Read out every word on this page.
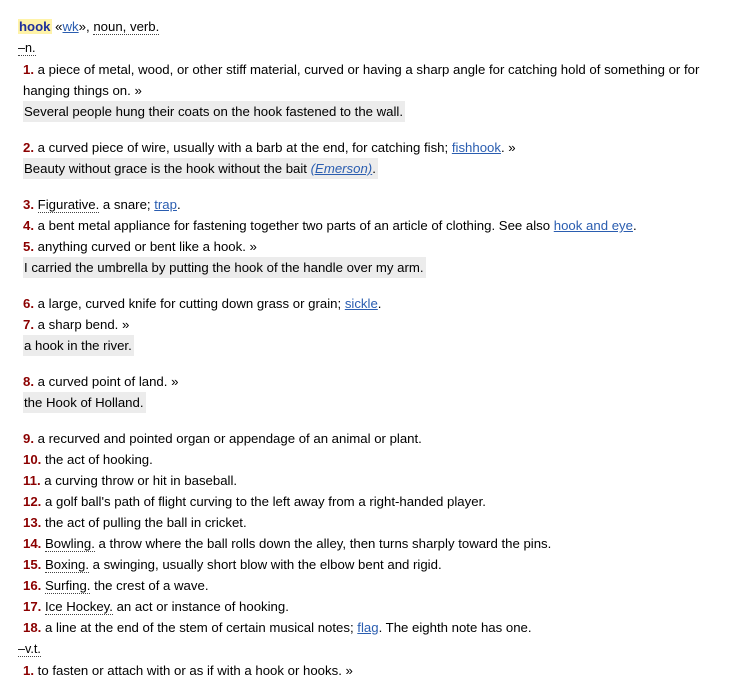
hook «wk», noun, verb.
–n.
1. a piece of metal, wood, or other stiff material, curved or having a sharp angle for catching hold of something or for hanging things on. »
Several people hung their coats on the hook fastened to the wall.
2. a curved piece of wire, usually with a barb at the end, for catching fish; fishhook. »
Beauty without grace is the hook without the bait (Emerson).
3. Figurative. a snare; trap.
4. a bent metal appliance for fastening together two parts of an article of clothing. See also hook and eye.
5. anything curved or bent like a hook. »
I carried the umbrella by putting the hook of the handle over my arm.
6. a large, curved knife for cutting down grass or grain; sickle.
7. a sharp bend. »
a hook in the river.
8. a curved point of land. »
the Hook of Holland.
9. a recurved and pointed organ or appendage of an animal or plant.
10. the act of hooking.
11. a curving throw or hit in baseball.
12. a golf ball's path of flight curving to the left away from a right-handed player.
13. the act of pulling the ball in cricket.
14. Bowling. a throw where the ball rolls down the alley, then turns sharply toward the pins.
15. Boxing. a swinging, usually short blow with the elbow bent and rigid.
16. Surfing. the crest of a wave.
17. Ice Hockey. an act or instance of hooking.
18. a line at the end of the stem of certain musical notes; flag. The eighth note has one.
–v.t.
1. to fasten or attach with or as if with a hook or hooks. »
